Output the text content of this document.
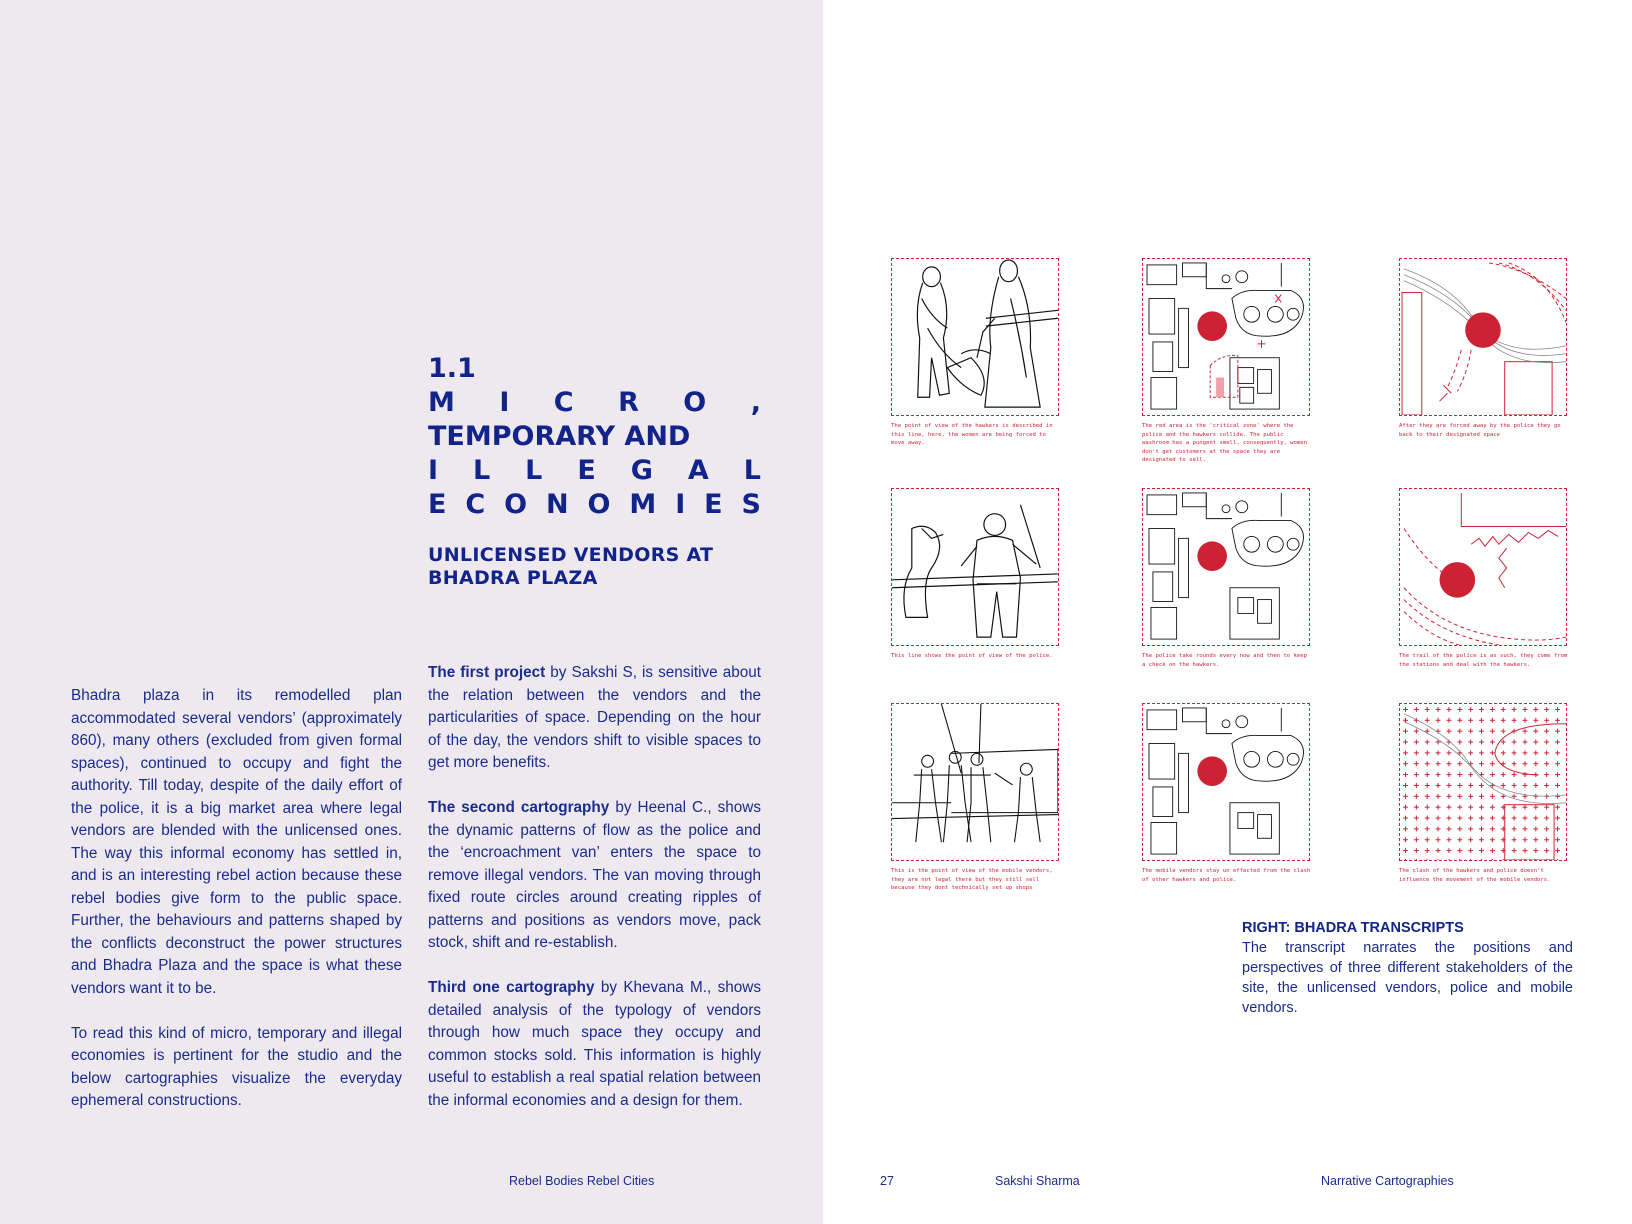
1.1
M I C R O ,
TEMPORARY AND
I L L E G A L
E C O N O M I E S
UNLICENSED VENDORS AT BHADRA PLAZA

Bhadra plaza in its remodelled plan accommodated several vendors’ (approximately 860), many others (excluded from given formal spaces), continued to occupy and fight the authority. Till today, despite of the daily effort of the police, it is a big market area where legal vendors are blended with the unlicensed ones. The way this informal economy has settled in, and is an interesting rebel action because these rebel bodies give form to the public space. Further, the behaviours and patterns shaped by the conflicts deconstruct the power structures and Bhadra Plaza and the space is what these vendors want it to be.

To read this kind of micro, temporary and illegal economies is pertinent for the studio and the below cartographies visualize the everyday ephemeral constructions.

The first project by Sakshi S, is sensitive about the relation between the vendors and the particularities of space. Depending on the hour of the day, the vendors shift to visible spaces to get more benefits.

The second cartography by Heenal C., shows the dynamic patterns of flow as the police and the ‘encroachment van’ enters the space to remove illegal vendors. The van moving through fixed route circles around creating ripples of patterns and positions as vendors move, pack stock, shift and re-establish.

Third one cartography by Khevana M., shows detailed analysis of the typology of vendors through how much space they occupy and common stocks sold. This information is highly useful to establish a real spatial relation between the informal economies and a design for them.

Rebel Bodies Rebel Cities
The point of view of the hawkers is described in this line, here, the women are being forced to move away.
The red area is the 'critical zone' where the police and the hawkers collide. The public washroom has a pungent smell, consequently, women don't get customers at the space they are designated to sell.
After they are forced away by the police they go back to their designated space
This line shows the point of view of the police.	The police take rounds every now and then to keep a check on the hawkers.
The trail of the police is as such, they come from the stations and deal with the hawkers.
This is the point of view of the mobile vendors, they are not legal there but they still sell because they dont technically set up shops
The mobile vendors stay un effected from the clash of other hawkers and police.
The clash of the hawkers and police doesn't influence the movement of the mobile vendors.
RIGHT: BHADRA TRANSCRIPTS

The transcript narrates the positions and perspectives of three different stakeholders of the site, the unlicensed vendors, police and mobile vendors.

27	Sakshi Sharma	Narrative Cartographies
